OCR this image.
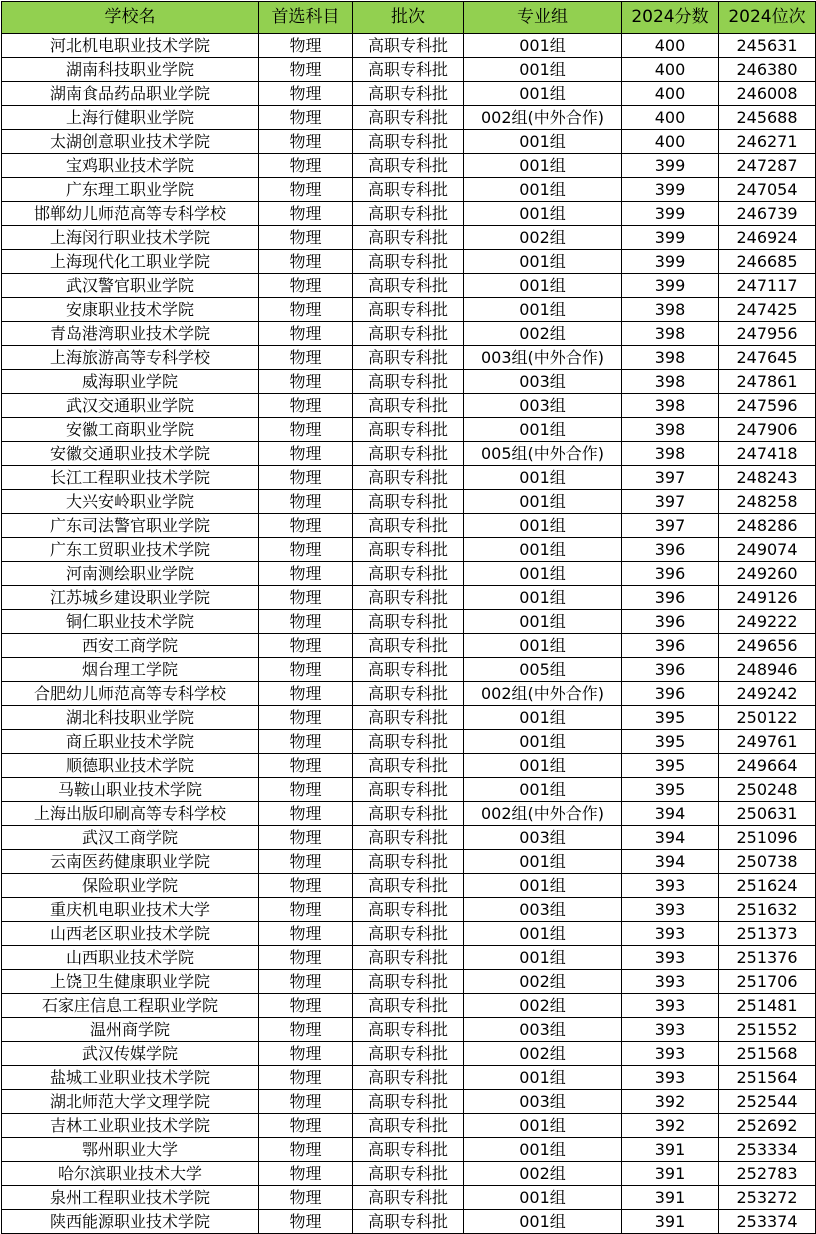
学校名	首选科目	批次	专业组	2024分数	2024位次
河北机电职业技术学院	物理	高职专科批	001组	400	245631
湖南科技职业学院	物理	高职专科批	001组	400	246380
湖南食品药品职业学院	物理	高职专科批	001组	400	246008
上海行健职业学院	物理	高职专科批	002组(中外合作)	400	245688
太湖创意职业技术学院	物理	高职专科批	001组	400	246271
宝鸡职业技术学院	物理	高职专科批	001组	399	247287
广东理工职业学院	物理	高职专科批	001组	399	247054
邯郸幼儿师范高等专科学校	物理	高职专科批	001组	399	246739
上海闵行职业技术学院	物理	高职专科批	002组	399	246924
上海现代化工职业学院	物理	高职专科批	001组	399	246685
武汉警官职业学院	物理	高职专科批	001组	399	247117
安康职业技术学院	物理	高职专科批	001组	398	247425
青岛港湾职业技术学院	物理	高职专科批	002组	398	247956
上海旅游高等专科学校	物理	高职专科批	003组(中外合作)	398	247645
威海职业学院	物理	高职专科批	003组	398	247861
武汉交通职业学院	物理	高职专科批	003组	398	247596
安徽工商职业学院	物理	高职专科批	001组	398	247906
安徽交通职业技术学院	物理	高职专科批	005组(中外合作)	398	247418
长江工程职业技术学院	物理	高职专科批	001组	397	248243
大兴安岭职业学院	物理	高职专科批	001组	397	248258
广东司法警官职业学院	物理	高职专科批	001组	397	248286
广东工贸职业技术学院	物理	高职专科批	001组	396	249074
河南测绘职业学院	物理	高职专科批	001组	396	249260
江苏城乡建设职业学院	物理	高职专科批	001组	396	249126
铜仁职业技术学院	物理	高职专科批	001组	396	249222
西安工商学院	物理	高职专科批	001组	396	249656
烟台理工学院	物理	高职专科批	005组	396	248946
合肥幼儿师范高等专科学校	物理	高职专科批	002组(中外合作)	396	249242
湖北科技职业学院	物理	高职专科批	001组	395	250122
商丘职业技术学院	物理	高职专科批	001组	395	249761
顺德职业技术学院	物理	高职专科批	001组	395	249664
马鞍山职业技术学院	物理	高职专科批	001组	395	250248
上海出版印刷高等专科学校	物理	高职专科批	002组(中外合作)	394	250631
武汉工商学院	物理	高职专科批	003组	394	251096
云南医药健康职业学院	物理	高职专科批	001组	394	250738
保险职业学院	物理	高职专科批	001组	393	251624
重庆机电职业技术大学	物理	高职专科批	003组	393	251632
山西老区职业技术学院	物理	高职专科批	001组	393	251373
山西职业技术学院	物理	高职专科批	001组	393	251376
上饶卫生健康职业学院	物理	高职专科批	002组	393	251706
石家庄信息工程职业学院	物理	高职专科批	002组	393	251481
温州商学院	物理	高职专科批	003组	393	251552
武汉传媒学院	物理	高职专科批	002组	393	251568
盐城工业职业技术学院	物理	高职专科批	001组	393	251564
湖北师范大学文理学院	物理	高职专科批	003组	392	252544
吉林工业职业技术学院	物理	高职专科批	001组	392	252692
鄂州职业大学	物理	高职专科批	001组	391	253334
哈尔滨职业技术大学	物理	高职专科批	002组	391	252783
泉州工程职业技术学院	物理	高职专科批	001组	391	253272
陕西能源职业技术学院	物理	高职专科批	001组	391	253374
